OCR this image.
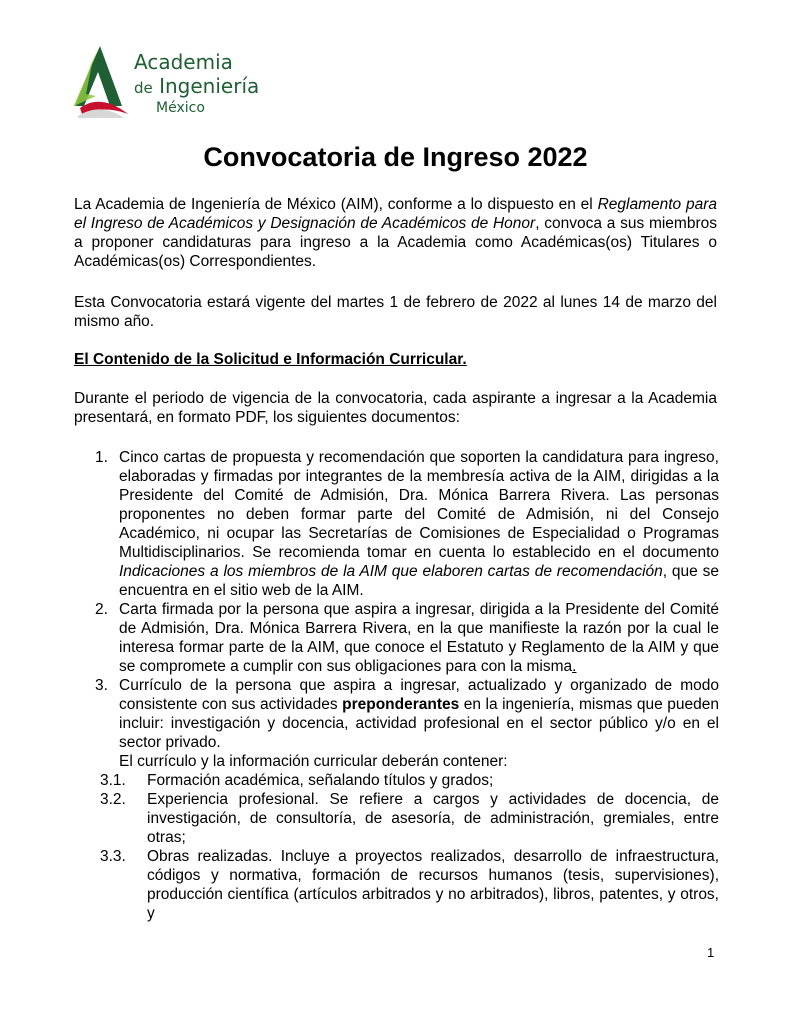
Academia
de Ingeniería
México
Convocatoria de Ingreso 2022

La Academia de Ingeniería de México (AIM), conforme a lo dispuesto en el Reglamento para el Ingreso de Académicos y Designación de Académicos de Honor, convoca a sus miembros a proponer candidaturas para ingreso a la Academia como Académicas(os) Titulares o Académicas(os) Correspondientes.

Esta Convocatoria estará vigente del martes 1 de febrero de 2022 al lunes 14 de marzo del mismo año.

El Contenido de la Solicitud e Información Curricular.

Durante el periodo de vigencia de la convocatoria, cada aspirante a ingresar a la Academia presentará, en formato PDF, los siguientes documentos:

1. Cinco cartas de propuesta y recomendación que soporten la candidatura para ingreso, elaboradas y firmadas por integrantes de la membresía activa de la AIM, dirigidas a la Presidente del Comité de Admisión, Dra. Mónica Barrera Rivera. Las personas proponentes no deben formar parte del Comité de Admisión, ni del Consejo Académico, ni ocupar las Secretarías de Comisiones de Especialidad o Programas Multidisciplinarios. Se recomienda tomar en cuenta lo establecido en el documento Indicaciones a los miembros de la AIM que elaboren cartas de recomendación, que se encuentra en el sitio web de la AIM.
2. Carta firmada por la persona que aspira a ingresar, dirigida a la Presidente del Comité de Admisión, Dra. Mónica Barrera Rivera, en la que manifieste la razón por la cual le interesa formar parte de la AIM, que conoce el Estatuto y Reglamento de la AIM y que se compromete a cumplir con sus obligaciones para con la misma.
3. Currículo de la persona que aspira a ingresar, actualizado y organizado de modo consistente con sus actividades preponderantes en la ingeniería, mismas que pueden incluir: investigación y docencia, actividad profesional en el sector público y/o en el sector privado.
El currículo y la información curricular deberán contener:
3.1. Formación académica, señalando títulos y grados;
3.2. Experiencia profesional. Se refiere a cargos y actividades de docencia, de investigación, de consultoría, de asesoría, de administración, gremiales, entre otras;
3.3. Obras realizadas. Incluye a proyectos realizados, desarrollo de infraestructura, códigos y normativa, formación de recursos humanos (tesis, supervisiones), producción científica (artículos arbitrados y no arbitrados), libros, patentes, y otros, y
1
